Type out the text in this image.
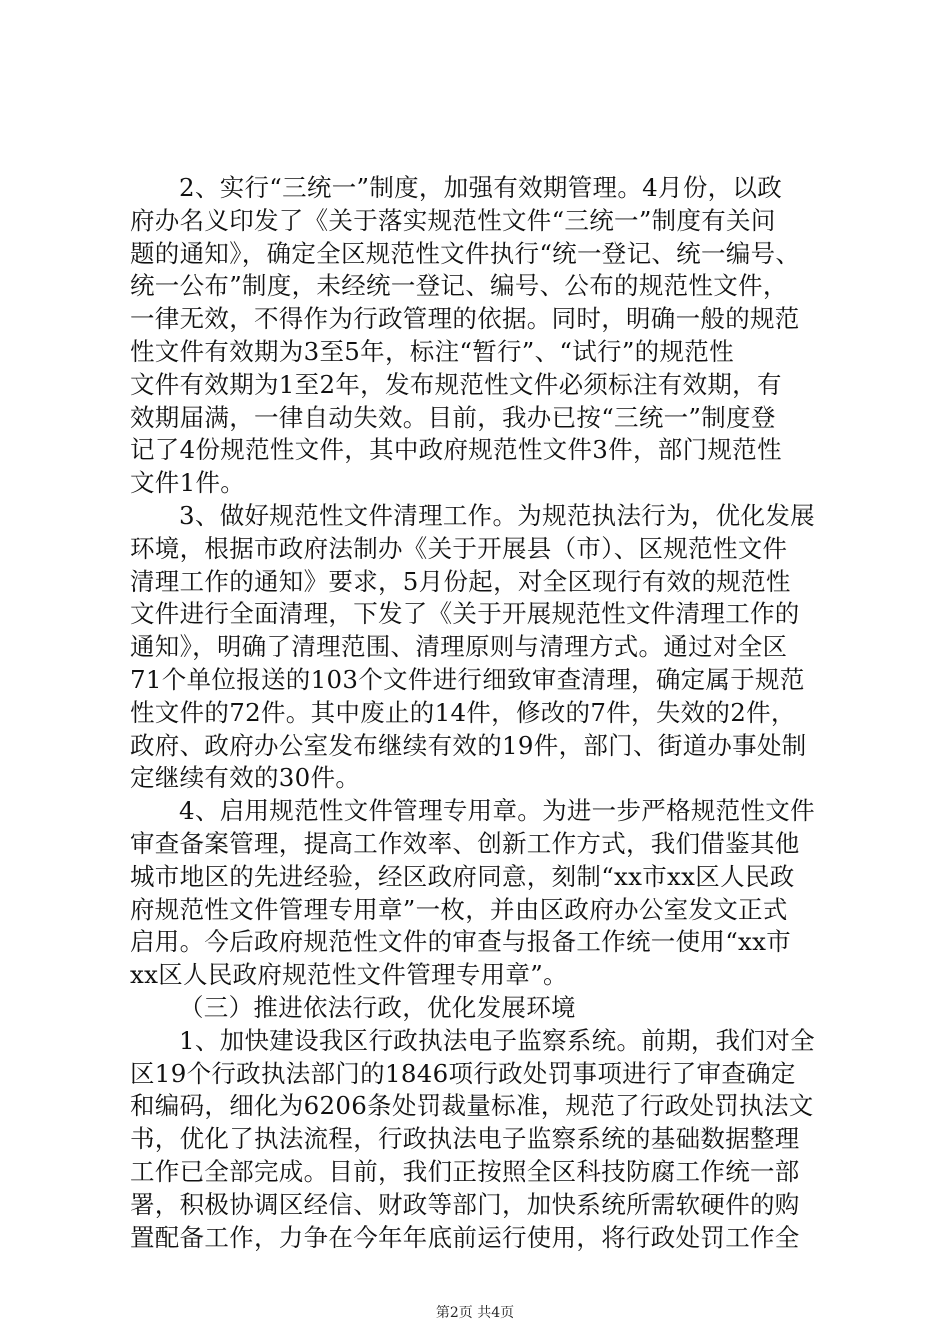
2、实行“三统一”制度，加强有效期管理。4月份，以政
府办名义印发了《关于落实规范性文件“三统一”制度有关问
题的通知》，确定全区规范性文件执行“统一登记、统一编号、
统一公布”制度，未经统一登记、编号、公布的规范性文件，
一律无效，不得作为行政管理的依据。同时，明确一般的规范
性文件有效期为3至5年，标注“暂行”、“试行”的规范性
文件有效期为1至2年，发布规范性文件必须标注有效期，有
效期届满，一律自动失效。目前，我办已按“三统一”制度登
记了4份规范性文件，其中政府规范性文件3件，部门规范性
文件1件。
3、做好规范性文件清理工作。为规范执法行为，优化发展
环境，根据市政府法制办《关于开展县（市）、区规范性文件
清理工作的通知》要求，5月份起，对全区现行有效的规范性
文件进行全面清理，下发了《关于开展规范性文件清理工作的
通知》，明确了清理范围、清理原则与清理方式。通过对全区
71个单位报送的103个文件进行细致审查清理，确定属于规范
性文件的72件。其中废止的14件，修改的7件，失效的2件，
政府、政府办公室发布继续有效的19件，部门、街道办事处制
定继续有效的30件。
4、启用规范性文件管理专用章。为进一步严格规范性文件
审查备案管理，提高工作效率、创新工作方式，我们借鉴其他
城市地区的先进经验，经区政府同意，刻制“xx市xx区人民政
府规范性文件管理专用章”一枚，并由区政府办公室发文正式
启用。今后政府规范性文件的审查与报备工作统一使用“xx市
xx区人民政府规范性文件管理专用章”。
（三）推进依法行政，优化发展环境
1、加快建设我区行政执法电子监察系统。前期，我们对全
区19个行政执法部门的1846项行政处罚事项进行了审查确定
和编码，细化为6206条处罚裁量标准，规范了行政处罚执法文
书，优化了执法流程，行政执法电子监察系统的基础数据整理
工作已全部完成。目前，我们正按照全区科技防腐工作统一部
署，积极协调区经信、财政等部门，加快系统所需软硬件的购
置配备工作，力争在今年年底前运行使用，将行政处罚工作全
第2页 共4页
